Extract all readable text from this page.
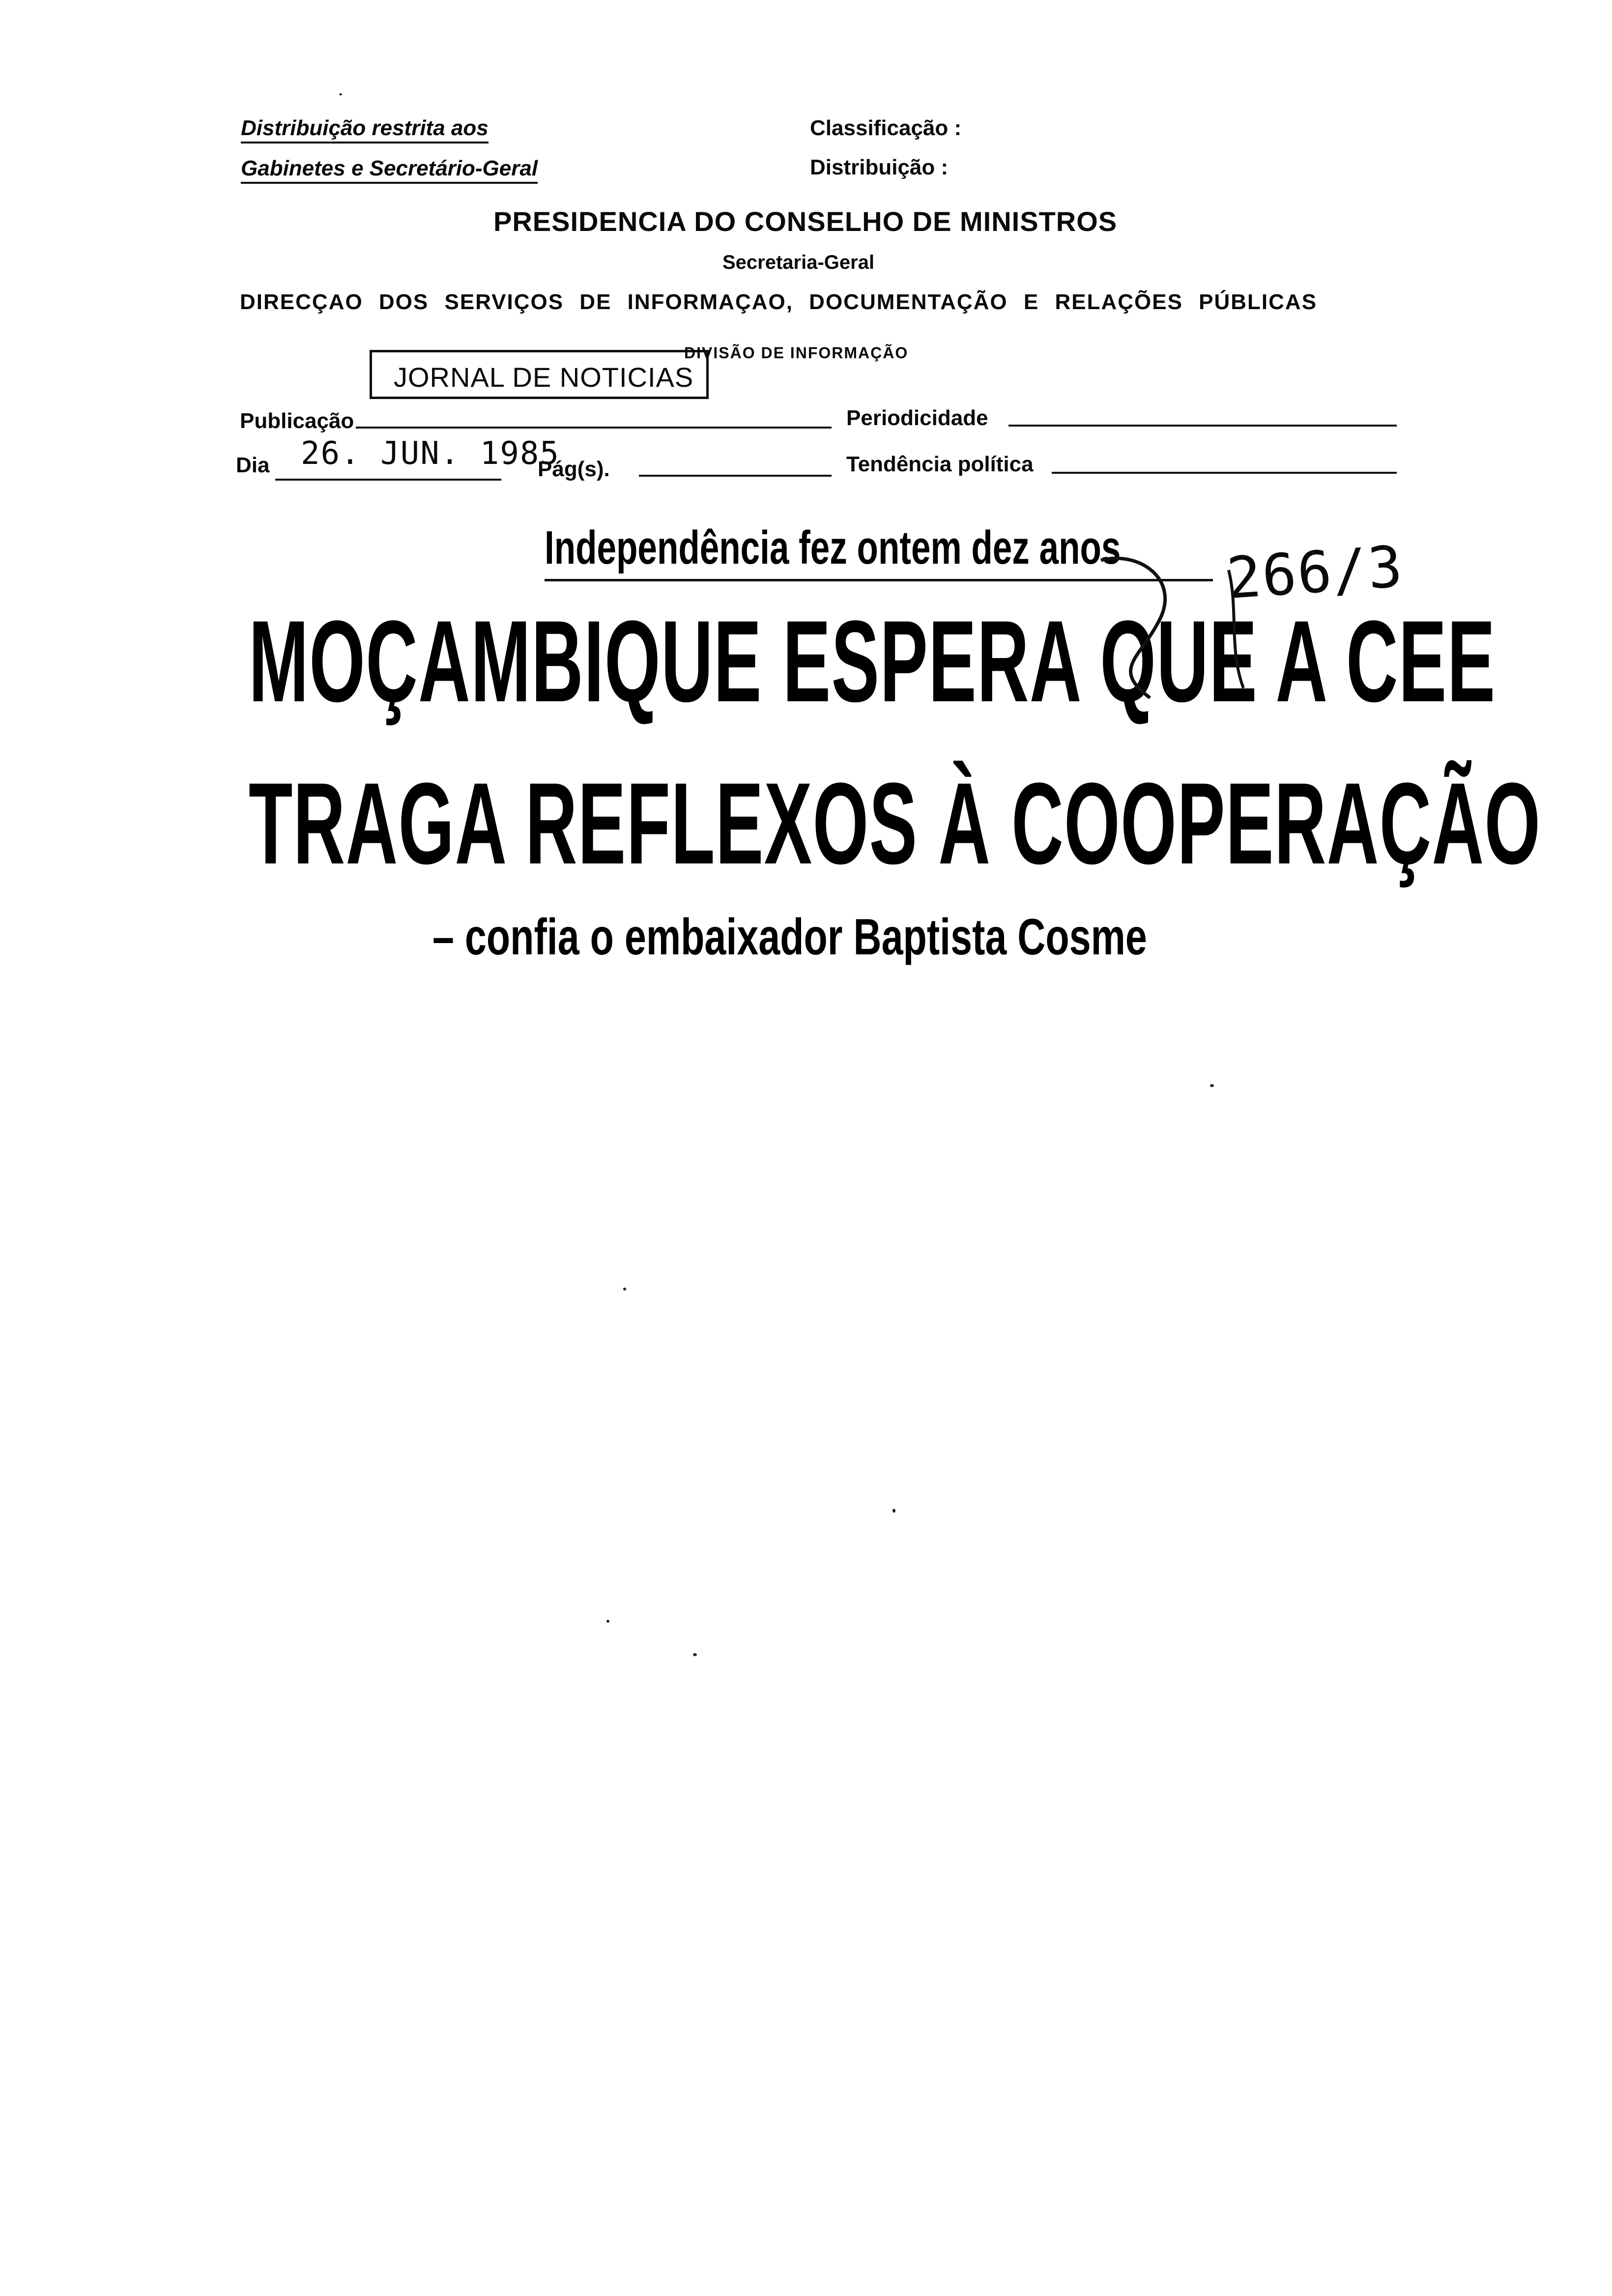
Distribuição restrita aos
Gabinetes e Secretário-Geral
Classificação :
Distribuição :
PRESIDENCIA DO CONSELHO DE MINISTROS
Secretaria-Geral
DIRECÇAO DOS SERVIÇOS DE INFORMAÇAO, DOCUMENTAÇÃO E RELAÇÕES PÚBLICAS
JORNAL DE NOTICIAS
DIVISÃO DE INFORMAÇÃO
Publicação	Periodicidade
Dia 26. JUN. 1985
Pág(s).	Tendência política
Independência fez ontem dez anos
MOÇAMBIQUE ESPERA QUE A CEE
TRAGA REFLEXOS À COOPERAÇÃO
– confia o embaixador Baptista Cosme
266/3
